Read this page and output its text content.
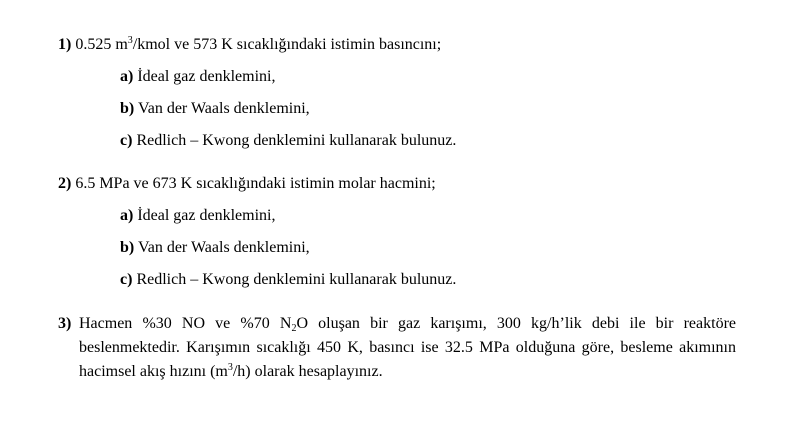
1) 0.525 $m^3$/kmol ve 573 K sıcaklığındaki istimin basıncını;
a) İdeal gaz denklemini,
b) Van der Waals denklemini,
c) Redlich – Kwong denklemini kullanarak bulunuz.
2) 6.5 MPa ve 673 K sıcaklığındaki istimin molar hacmini;
a) İdeal gaz denklemini,
b) Van der Waals denklemini,
c) Redlich – Kwong denklemini kullanarak bulunuz.
3) Hacmen %30 NO ve %70 $N_2O$ oluşan bir gaz karışımı, 300 kg/h’lik debi ile bir reaktöre beslenmektedir. Karışımın sıcaklığı 450 K, basıncı ise 32.5 MPa olduğuna göre, besleme akımının hacimsel akış hızını $(m^3/h)$ olarak hesaplayınız.
